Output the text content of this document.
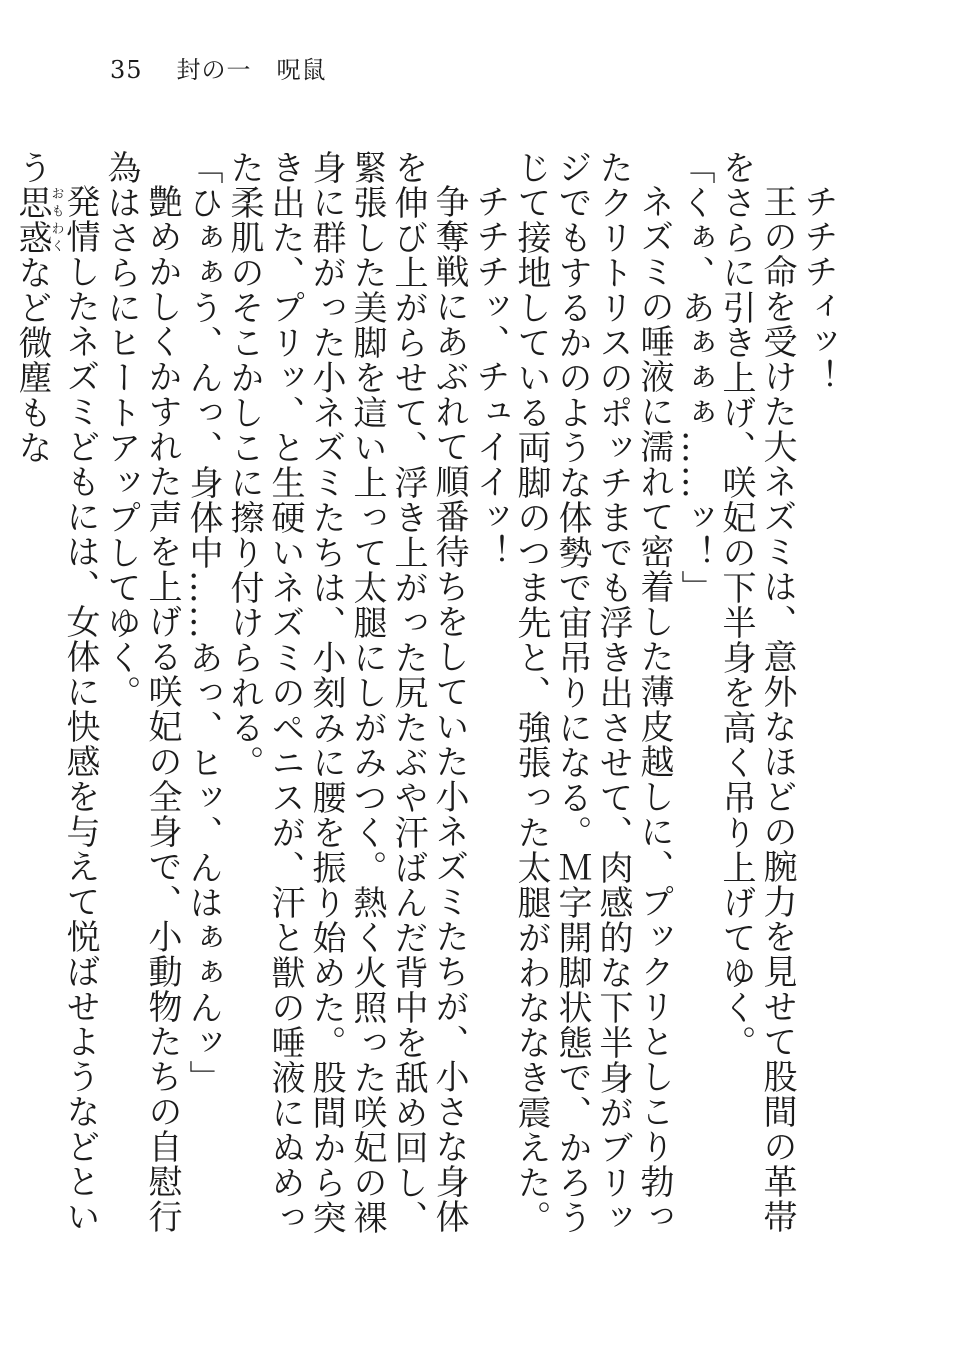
35 封の一　呪鼠

チチチィッ！

王の命を受けた大ネズミは、意外なほどの腕力を見せて股間の革帯をさらに引き上げ、咲妃の下半身を高く吊り上げてゆく。

「くぁ、あぁぁぁ……ッ！」

ネズミの唾液に濡れて密着した薄皮越しに、プックリとしこり勃ったクリトリスのポッチまでも浮き出させて、肉感的な下半身がブリッジでもするかのような体勢で宙吊りになる。Ｍ字開脚状態で、かろうじて接地している両脚のつま先と、強張った太腿がわななき震えた。

チチチッ、チュイイッ！

争奪戦にあぶれて順番待ちをしていた小ネズミたちが、小さな身体を伸び上がらせて、浮き上がった尻たぶや汗ばんだ背中を舐め回し、緊張した美脚を這い上って太腿にしがみつく。熱く火照った咲妃の裸身に群がった小ネズミたちは、小刻みに腰を振り始めた。股間から突き出た、プリッ、と生硬いネズミのペニスが、汗と獣の唾液にぬめった柔肌のそこかしこに擦り付けられる。

「ひぁぁう、んっ、身体中……あっ、ヒッ、んはぁぁんッ」

艶めかしくかすれた声を上げる咲妃の全身で、小動物たちの自慰行為はさらにヒートアップしてゆく。

発情したネズミどもには、女体に快感を与えて悦ばせようなどという思惑おもわくなど微塵もな
